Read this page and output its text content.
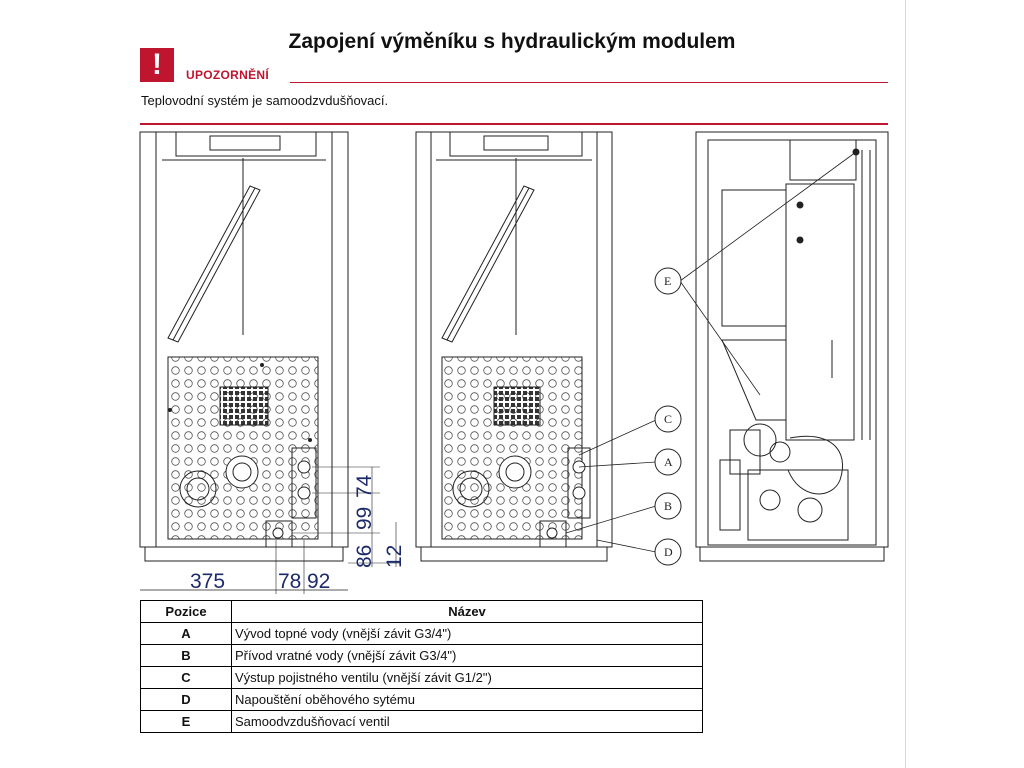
Zapojení výměníku s hydraulickým modulem
!	UPOZORNĚNÍ
Teplovodní systém je samoodzvdušňovací.
375	78 92
74
99
86 12
C
A
B
D
E
Pozice	Název
A	Vývod topné vody (vnější závit G3/4")
B	Přívod vratné vody (vnější závit G3/4")
C	Výstup pojistného ventilu (vnější závit G1/2")
D	Napouštění oběhového sytému
E	Samoodvzdušňovací ventil
